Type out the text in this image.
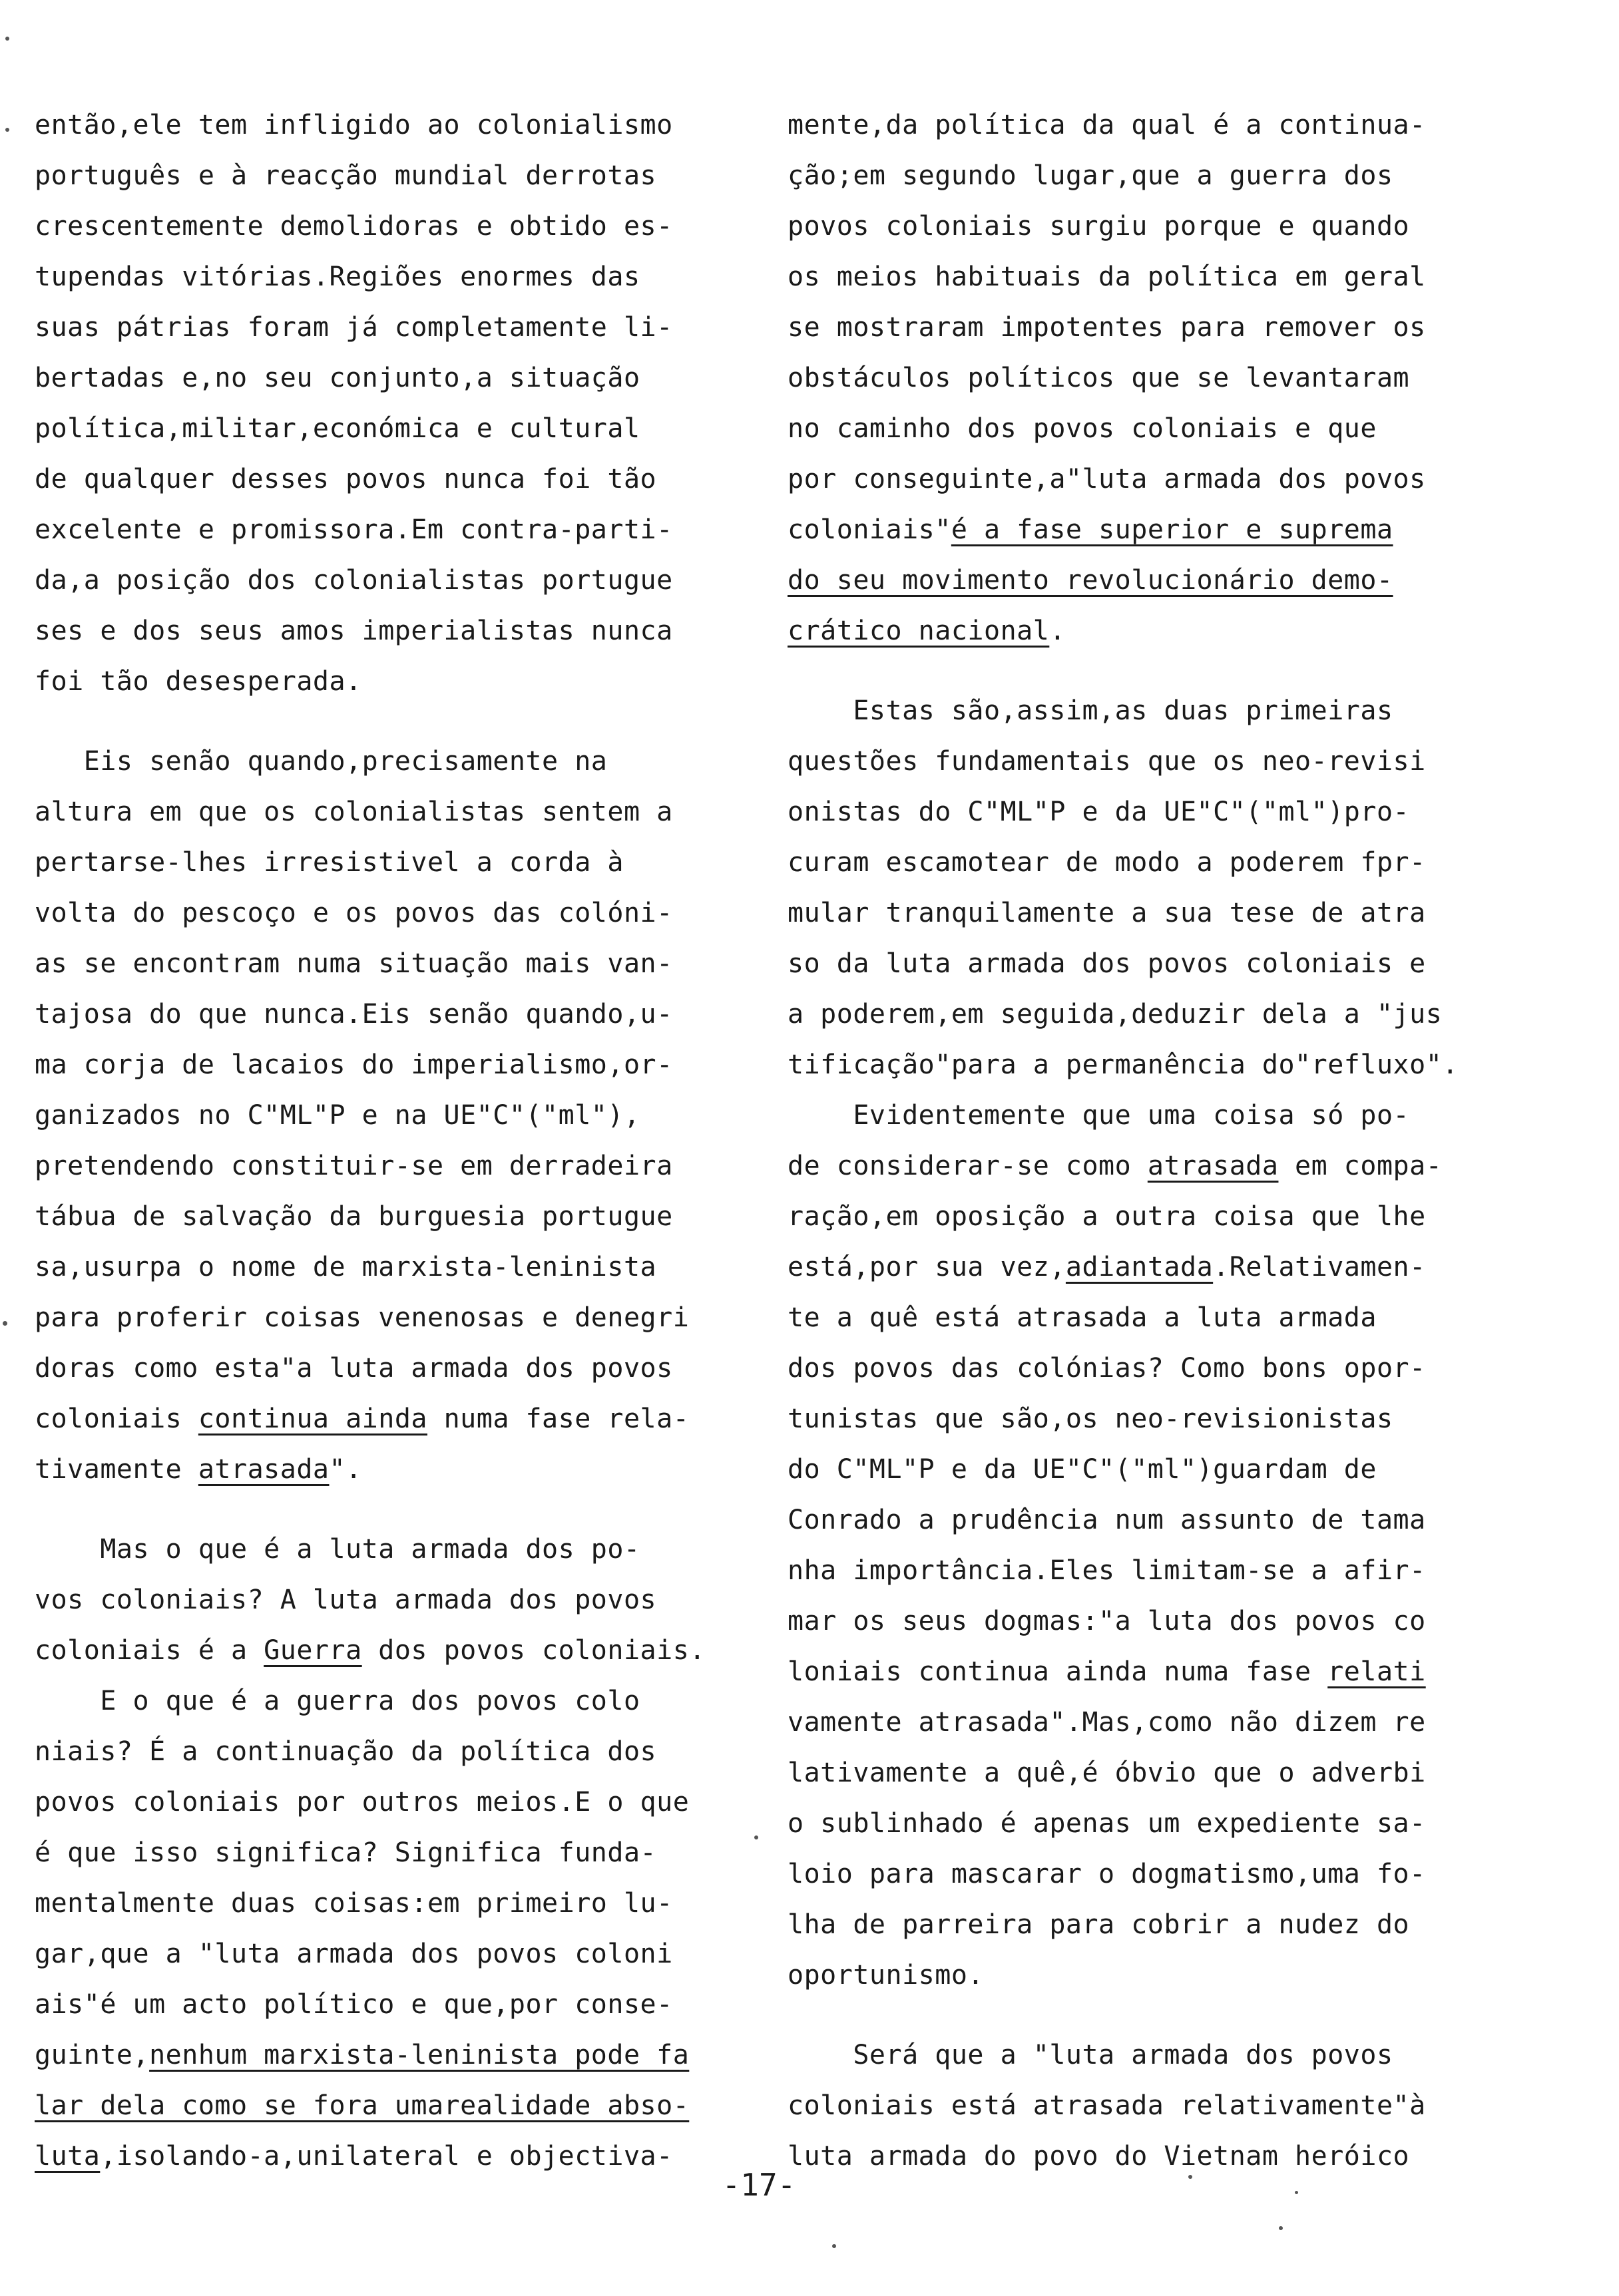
então,ele tem infligido ao colonialismo
português e à reacção mundial derrotas
crescentemente demolidoras e obtido es-
tupendas vitórias.Regiões enormes das
suas pátrias foram já completamente li-
bertadas e,no seu conjunto,a situação
política,militar,económica e cultural
de qualquer desses povos nunca foi tão
excelente e promissora.Em contra-parti-
da,a posição dos colonialistas portugue
ses e dos seus amos imperialistas nunca
foi tão desesperada.
Eis senão quando,precisamente na
altura em que os colonialistas sentem a
pertarse-lhes irresistivel a corda à
volta do pescoço e os povos das colóni-
as se encontram numa situação mais van-
tajosa do que nunca.Eis senão quando,u-
ma corja de lacaios do imperialismo,or-
ganizados no C"ML"P e na UE"C"("ml"),
pretendendo constituir-se em derradeira
tábua de salvação da burguesia portugue
sa,usurpa o nome de marxista-leninista
para proferir coisas venenosas e denegri
doras como esta"a luta armada dos povos
coloniais continua ainda numa fase rela-
tivamente atrasada".
Mas o que é a luta armada dos po-
vos coloniais? A luta armada dos povos
coloniais é a Guerra dos povos coloniais.
E o que é a guerra dos povos colo
niais? É a continuação da política dos
povos coloniais por outros meios.E o que
é que isso significa? Significa funda-
mentalmente duas coisas:em primeiro lu-
gar,que a "luta armada dos povos coloni
ais"é um acto político e que,por conse-
guinte,nenhum marxista-leninista pode fa
lar dela como se fora umarealidade abso-
luta,isolando-a,unilateral e objectiva-
mente,da política da qual é a continua-
ção;em segundo lugar,que a guerra dos
povos coloniais surgiu porque e quando
os meios habituais da política em geral
se mostraram impotentes para remover os
obstáculos políticos que se levantaram
no caminho dos povos coloniais e que
por conseguinte,a"luta armada dos povos
coloniais"é a fase superior e suprema
do seu movimento revolucionário demo-
crático nacional.
Estas são,assim,as duas primeiras
questões fundamentais que os neo-revisi
onistas do C"ML"P e da UE"C"("ml")pro-
curam escamotear de modo a poderem fpr-
mular tranquilamente a sua tese de atra
so da luta armada dos povos coloniais e
a poderem,em seguida,deduzir dela a "jus
tificação"para a permanência do"refluxo".
Evidentemente que uma coisa só po-
de considerar-se como atrasada em compa-
ração,em oposição a outra coisa que lhe
está,por sua vez,adiantada.Relativamen-
te a quê está atrasada a luta armada
dos povos das colónias? Como bons opor-
tunistas que são,os neo-revisionistas
do C"ML"P e da UE"C"("ml")guardam de
Conrado a prudência num assunto de tama
nha importância.Eles limitam-se a afir-
mar os seus dogmas:"a luta dos povos co
loniais continua ainda numa fase relati
vamente atrasada".Mas,como não dizem re
lativamente a quê,é óbvio que o adverbi
o sublinhado é apenas um expediente sa-
loio para mascarar o dogmatismo,uma fo-
lha de parreira para cobrir a nudez do
oportunismo.
Será que a "luta armada dos povos
coloniais está atrasada relativamente"à
luta armada do povo do Vietnam heróico
-17-
